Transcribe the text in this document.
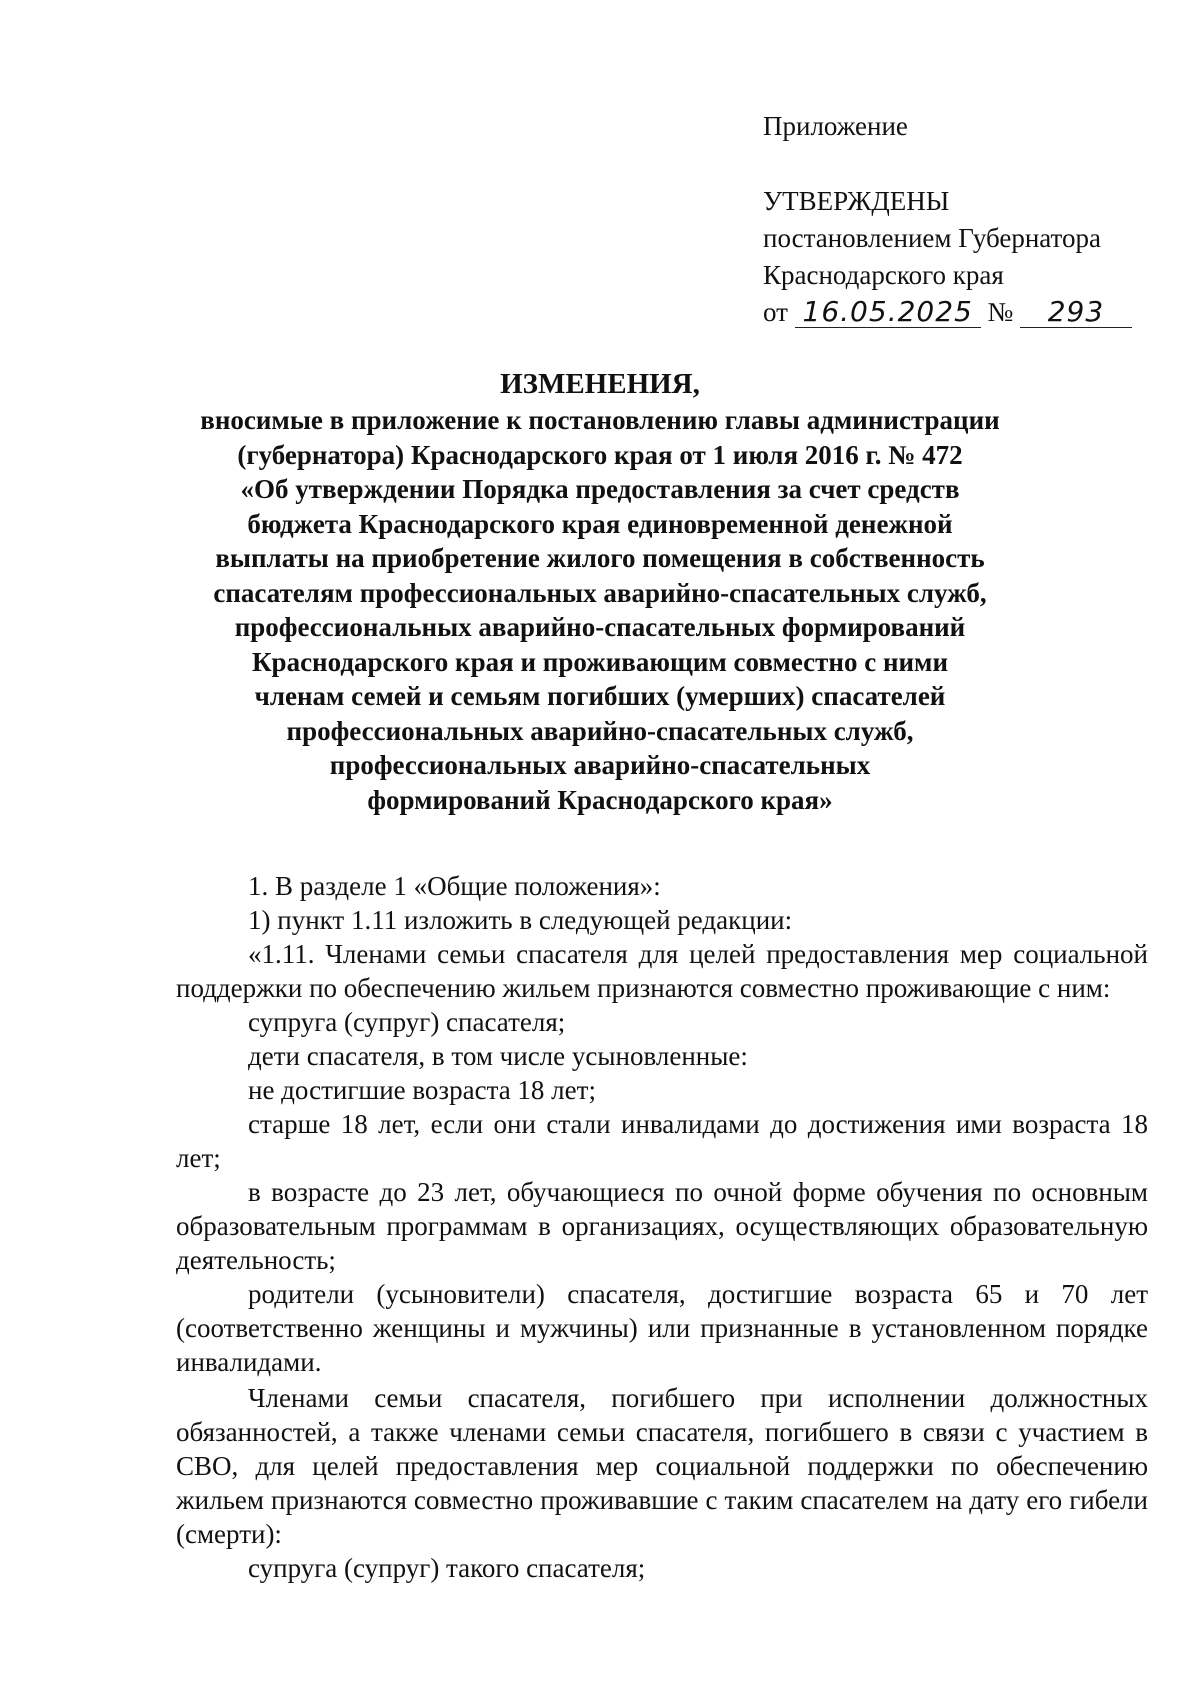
Приложение
УТВЕРЖДЕНЫ
постановлением Губернатора
Краснодарского края
от 16.05.2025 № 293
ИЗМЕНЕНИЯ,
вносимые в приложение к постановлению главы администрации
(губернатора) Краснодарского края от 1 июля 2016 г. № 472
«Об утверждении Порядка предоставления за счет средств
бюджета Краснодарского края единовременной денежной
выплаты на приобретение жилого помещения в собственность
спасателям профессиональных аварийно-спасательных служб,
профессиональных аварийно-спасательных формирований
Краснодарского края и проживающим совместно с ними
членам семей и семьям погибших (умерших) спасателей
профессиональных аварийно-спасательных служб,
профессиональных аварийно-спасательных
формирований Краснодарского края»

1. В разделе 1 «Общие положения»:

1) пункт 1.11 изложить в следующей редакции:

«1.11. Членами семьи спасателя для целей предоставления мер социальной поддержки по обеспечению жильем признаются совместно проживающие с ним:

супруга (супруг) спасателя;

дети спасателя, в том числе усыновленные:

не достигшие возраста 18 лет;

старше 18 лет, если они стали инвалидами до достижения ими возраста 18 лет;

в возрасте до 23 лет, обучающиеся по очной форме обучения по основным образовательным программам в организациях, осуществляющих образовательную деятельность;

родители (усыновители) спасателя, достигшие возраста 65 и 70 лет (соответственно женщины и мужчины) или признанные в установленном порядке инвалидами.

Членами семьи спасателя, погибшего при исполнении должностных обязанностей, а также членами семьи спасателя, погибшего в связи с участием в СВО, для целей предоставления мер социальной поддержки по обеспечению жильем признаются совместно проживавшие с таким спасателем на дату его гибели (смерти):

супруга (супруг) такого спасателя;
